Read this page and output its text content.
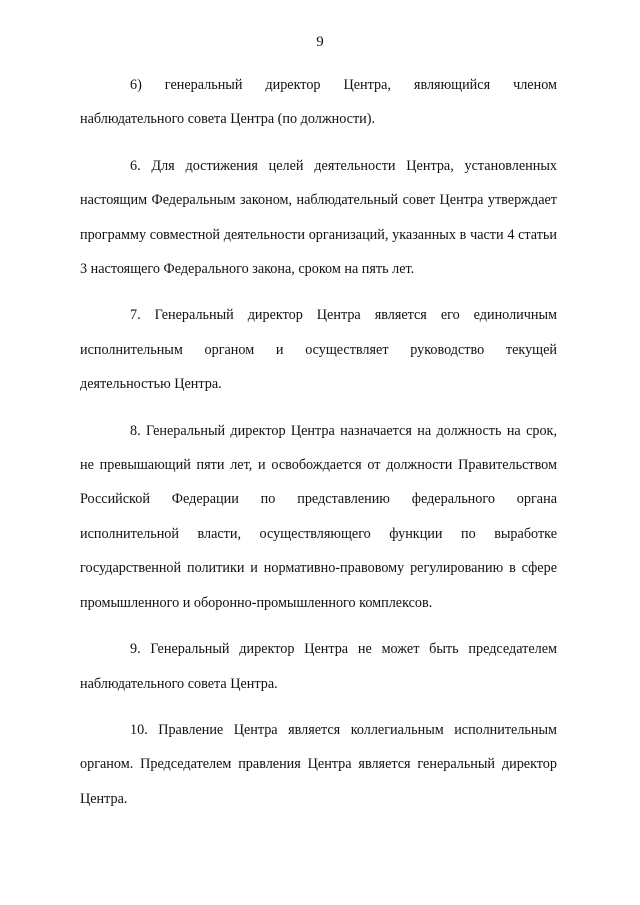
9

6) генеральный директор Центра, являющийся членом наблюдательного совета Центра (по должности).

6. Для достижения целей деятельности Центра, установленных настоящим Федеральным законом, наблюдательный совет Центра утверждает программу совместной деятельности организаций, указанных в части 4 статьи 3 настоящего Федерального закона, сроком на пять лет.

7. Генеральный директор Центра является его единоличным исполнительным органом и осуществляет руководство текущей деятельностью Центра.

8. Генеральный директор Центра назначается на должность на срок, не превышающий пяти лет, и освобождается от должности Правительством Российской Федерации по представлению федерального органа исполнительной власти, осуществляющего функции по выработке государственной политики и нормативно-правовому регулированию в сфере промышленного и оборонно-промышленного комплексов.

9. Генеральный директор Центра не может быть председателем наблюдательного совета Центра.

10. Правление Центра является коллегиальным исполнительным органом. Председателем правления Центра является генеральный директор Центра.
